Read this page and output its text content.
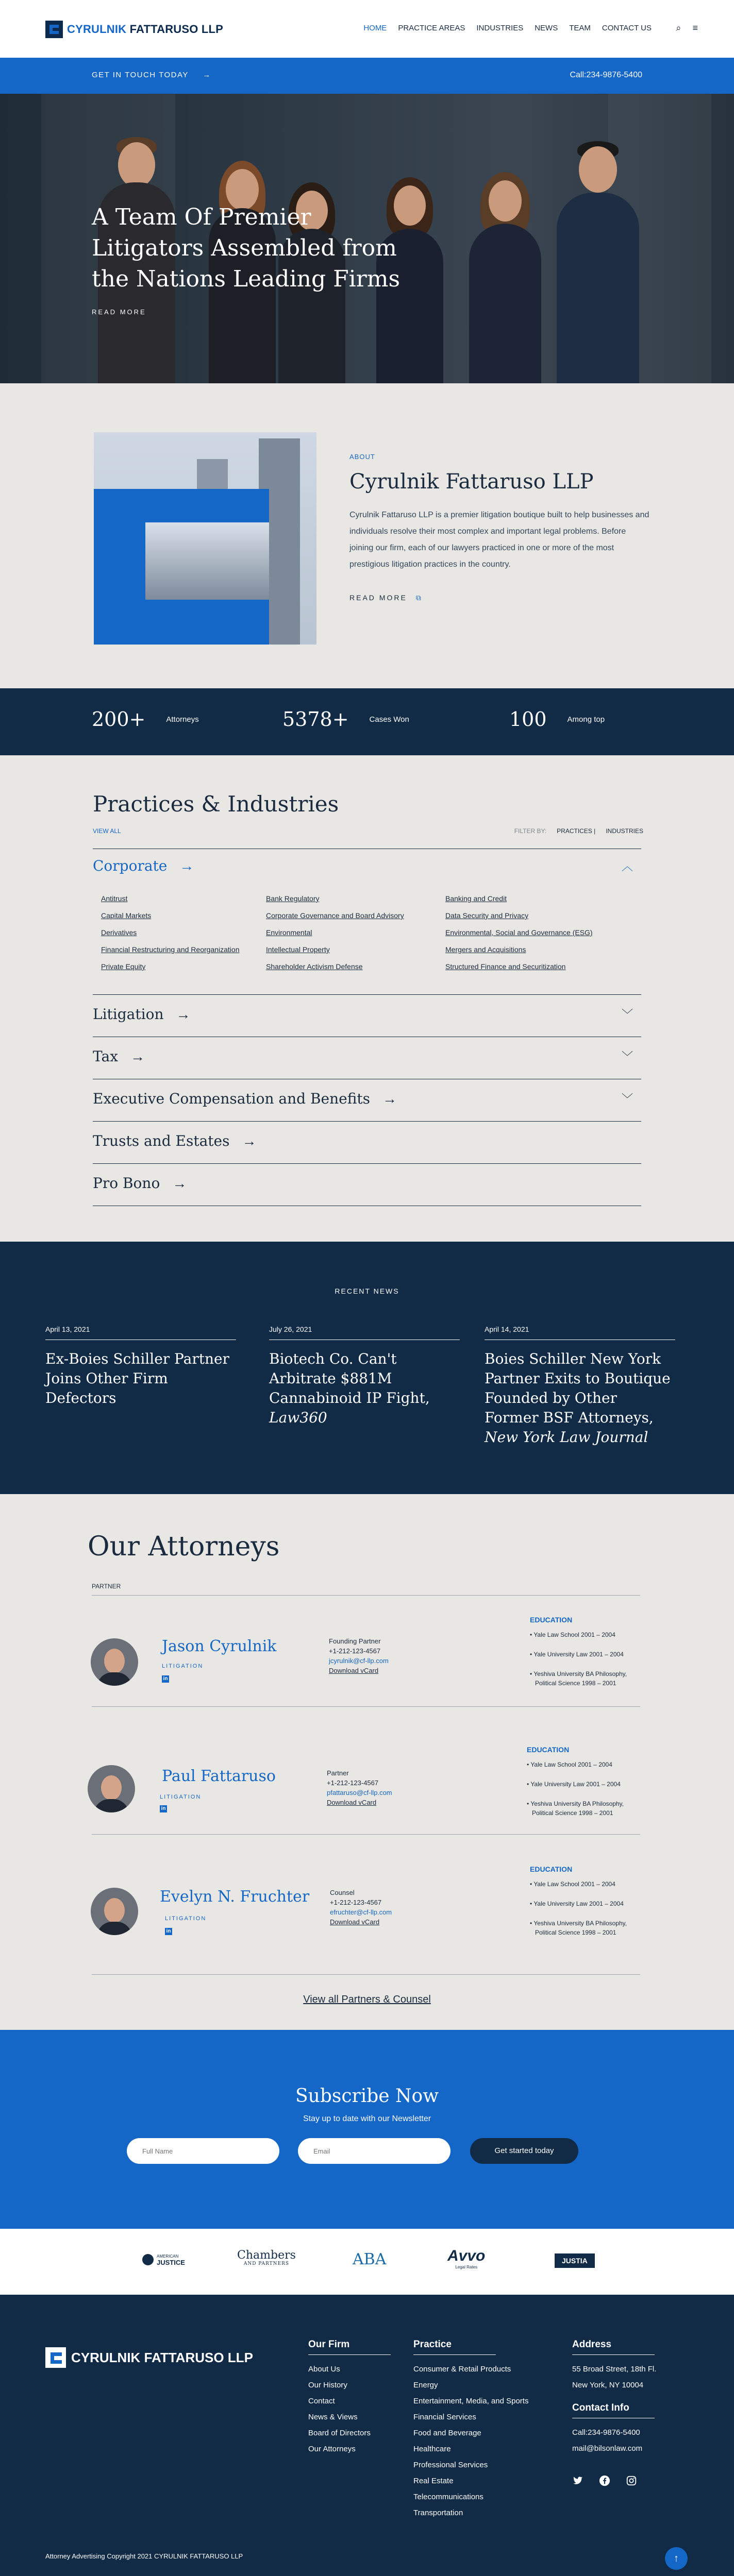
CYRULNIK FATTARUSO LLP	HOME PRACTICE AREAS INDUSTRIES NEWS TEAM CONTACT US	⌕ ≡
GET IN TOUCH TODAY →	Call:234-9876-5400
A Team Of Premier Litigators Assembled from the Nations Leading Firms
READ MORE
ABOUT
Cyrulnik Fattaruso LLP

Cyrulnik Fattaruso LLP is a premier litigation boutique built to help businesses and individuals resolve their most complex and important legal problems. Before joining our firm, each of our lawyers practiced in one or more of the most prestigious litigation practices in the country.

READ MORE ⧉
200+	Attorneys	5378+	Cases Won	100	Among top
Practices & Industries
VIEW ALL	FILTER BY: PRACTICES | INDUSTRIES
Corporate →	︿
Antitrust
Capital Markets
Derivatives
Financial Restructuring and Reorganization
Private Equity
Bank Regulatory
Corporate Governance and Board Advisory
Environmental
Intellectual Property
Shareholder Activism Defense
Banking and Credit
Data Security and Privacy
Environmental, Social and Governance (ESG)
Mergers and Acquisitions
Structured Finance and Securitization
Litigation →	﹀
Tax →	﹀
Executive Compensation and Benefits →	﹀
Trusts and Estates →
Pro Bono →
RECENT NEWS
April 13, 2021
Ex-Boies Schiller Partner Joins Other Firm Defectors
July 26, 2021
Biotech Co. Can't Arbitrate $881M Cannabinoid IP Fight, Law360
April 14, 2021
Boies Schiller New York Partner Exits to Boutique Founded by Other Former BSF Attorneys, New York Law Journal
Our Attorneys
PARTNER
Jason Cyrulnik
LITIGATION
in
Founding Partner
+1-212-123-4567
jcyrulnik@cf-llp.com
Download vCard
EDUCATION
• Yale Law School 2001 – 2004
• Yale University Law 2001 – 2004
• Yeshiva University BA Philosophy, Political Science 1998 – 2001
Paul Fattaruso
LITIGATION
in
Partner
+1-212-123-4567
pfattaruso@cf-llp.com
Download vCard
EDUCATION
• Yale Law School 2001 – 2004
• Yale University Law 2001 – 2004
• Yeshiva University BA Philosophy, Political Science 1998 – 2001
Evelyn N. Fruchter
LITIGATION
in
Counsel
+1-212-123-4567
efruchter@cf-llp.com
Download vCard
EDUCATION
• Yale Law School 2001 – 2004
• Yale University Law 2001 – 2004
• Yeshiva University BA Philosophy, Political Science 1998 – 2001
View all Partners & Counsel
Subscribe Now
Stay up to date with our Newsletter
Full Name
Email
Get started today
AMERICAN
JUSTICE
Chambers
AND PARTNERS	ABA	Avvo
Legal Rates
JUSTIA
CYRULNIK FATTARUSO LLP
Our Firm
About Us
Our History
Contact
News & Views
Board of Directors
Our Attorneys
Practice
Consumer & Retail Products
Energy
Entertainment, Media, and Sports
Financial Services
Food and Beverage
Healthcare
Professional Services
Real Estate
Telecommunications
Transportation
Address
55 Broad Street, 18th Fl.
New York, NY 10004
Contact Info
Call:234-9876-5400
mail@bilsonlaw.com
Attorney Advertising Copyright 2021 CYRULNIK FATTARUSO LLP	↑
